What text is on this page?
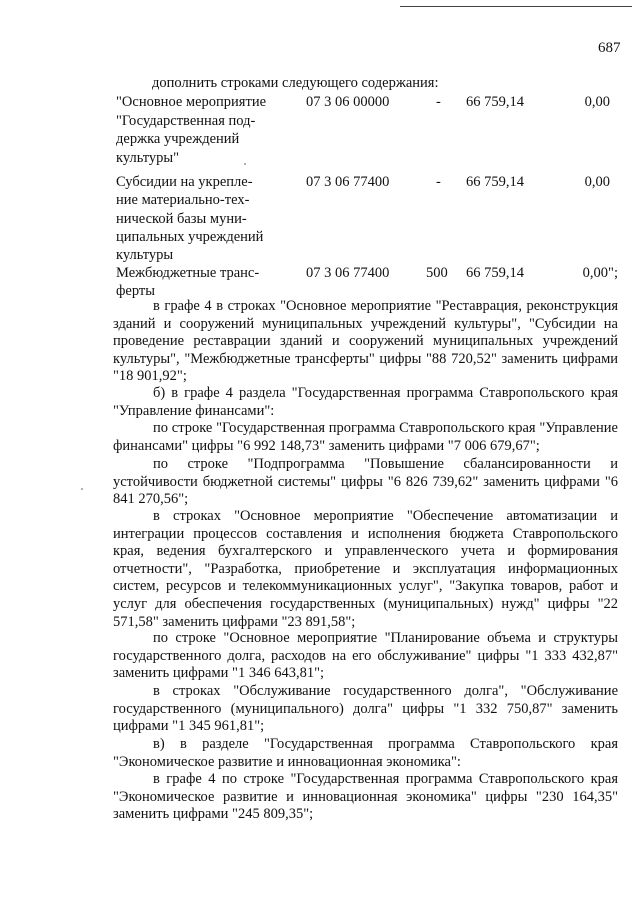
687
дополнить строками следующего содержания:
"Основное мероприятие
"Государственная под-
держка учреждений
культуры"
07 3 06 00000	- 66 759,14	0,00
Субсидии на укрепле-
ние материально-тех-
нической базы муни-
ципальных учреждений
культуры
07 3 06 77400	- 66 759,14	0,00
Межбюджетные транс-
ферты
07 3 06 77400	500 66 759,14	0,00";
в графе 4 в строках "Основное мероприятие "Реставрация, реконструкция зданий и сооружений муниципальных учреждений культуры", "Субсидии на проведение реставрации зданий и сооружений муниципальных учреждений культуры", "Межбюджетные трансферты" цифры "88 720,52" заменить цифрами "18 901,92";
б) в графе 4 раздела "Государственная программа Ставропольского края "Управление финансами":
по строке "Государственная программа Ставропольского края "Управление финансами" цифры "6 992 148,73" заменить цифрами "7 006 679,67";
по строке "Подпрограмма "Повышение сбалансированности и устойчивости бюджетной системы" цифры "6 826 739,62" заменить цифрами "6 841 270,56";
в строках "Основное мероприятие "Обеспечение автоматизации и интеграции процессов составления и исполнения бюджета Ставропольского края, ведения бухгалтерского и управленческого учета и формирования отчетности", "Разработка, приобретение и эксплуатация информационных систем, ресурсов и телекоммуникационных услуг", "Закупка товаров, работ и услуг для обеспечения государственных (муниципальных) нужд" цифры "22 571,58" заменить цифрами "23 891,58";
по строке "Основное мероприятие "Планирование объема и структуры государственного долга, расходов на его обслуживание" цифры "1 333 432,87" заменить цифрами "1 346 643,81";
в строках "Обслуживание государственного долга", "Обслуживание государственного (муниципального) долга" цифры "1 332 750,87" заменить цифрами "1 345 961,81";
в) в разделе "Государственная программа Ставропольского края "Экономическое развитие и инновационная экономика":
в графе 4 по строке "Государственная программа Ставропольского края "Экономическое развитие и инновационная экономика" цифры "230 164,35" заменить цифрами "245 809,35";
